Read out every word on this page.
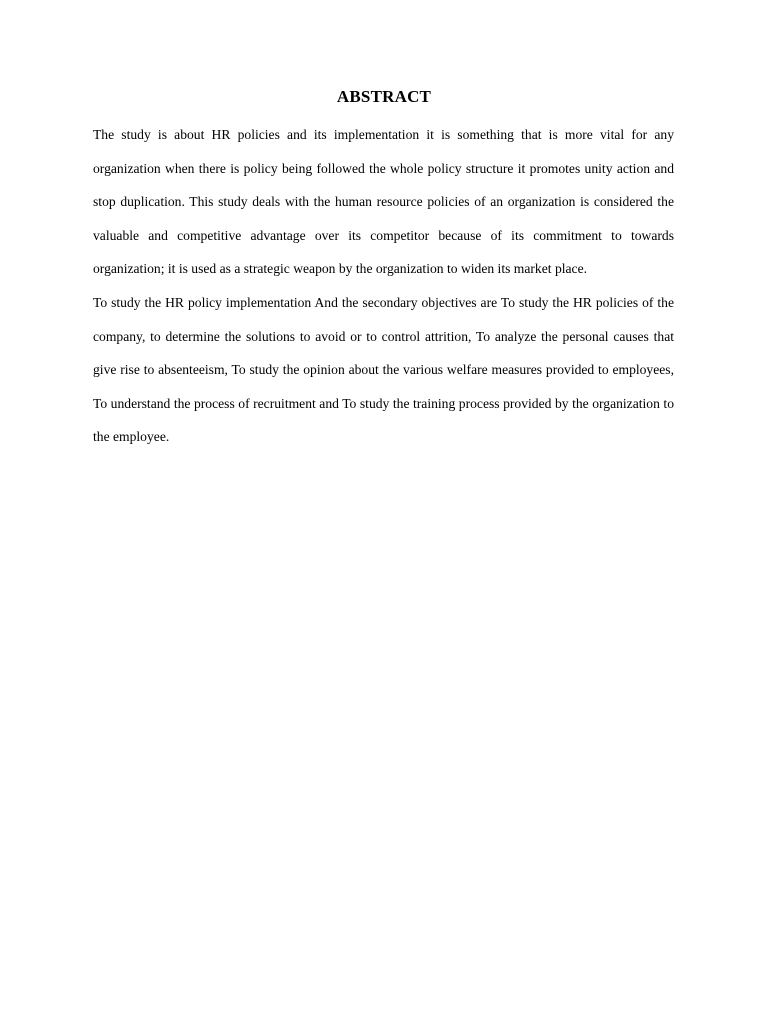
ABSTRACT

The study is about HR policies and its implementation it is something that is more vital for any organization when there is policy being followed the whole policy structure it promotes unity action and stop duplication. This study deals with the human resource policies of an organization is considered the valuable and competitive advantage over its competitor because of its commitment to towards organization; it is used as a strategic weapon by the organization to widen its market place.

To study the HR policy implementation And the secondary objectives are To study the HR policies of the company, to determine the solutions to avoid or to control attrition, To analyze the personal causes that give rise to absenteeism, To study the opinion about the various welfare measures provided to employees, To understand the process of recruitment and To study the training process provided by the organization to the employee.
